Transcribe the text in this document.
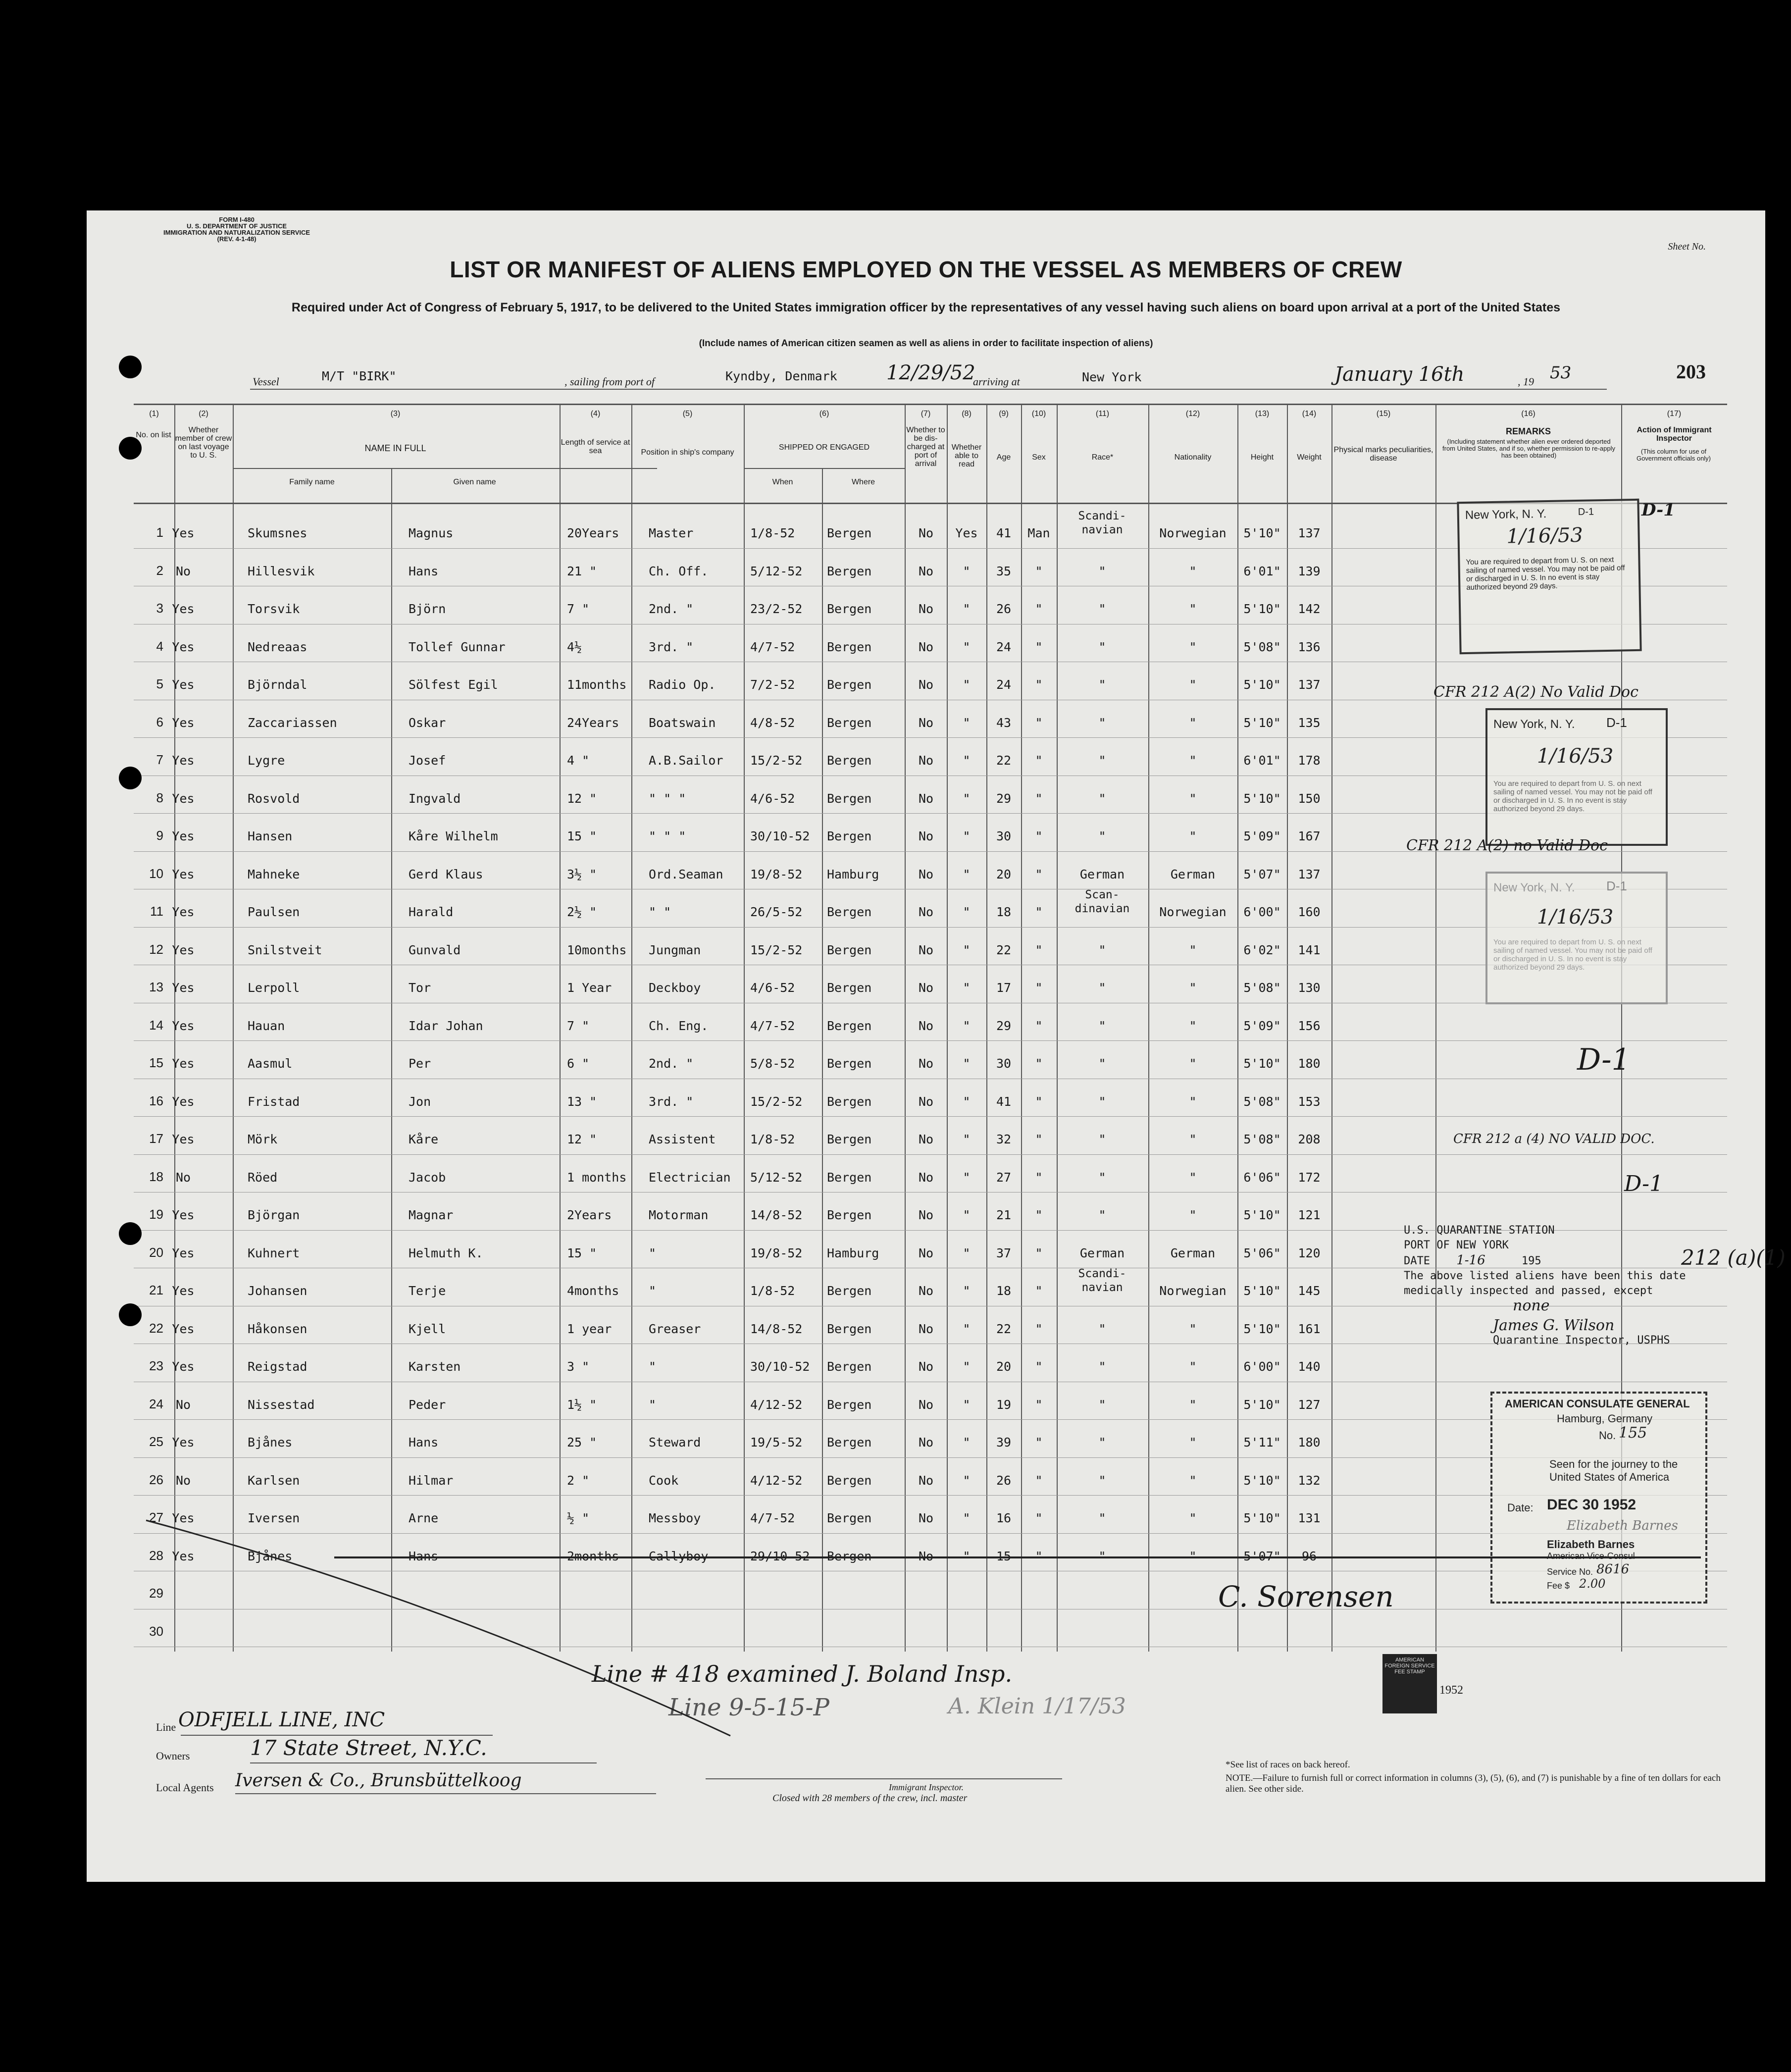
FORM I-480
U. S. DEPARTMENT OF JUSTICE
IMMIGRATION AND NATURALIZATION SERVICE
(REV. 4-1-48)
Sheet No.
LIST OR MANIFEST OF ALIENS EMPLOYED ON THE VESSEL AS MEMBERS OF CREW
Required under Act of Congress of February 5, 1917, to be delivered to the United States immigration officer by the representatives of any vessel having such aliens on board upon arrival at a port of the United States
(Include names of American citizen seamen as well as aliens in order to facilitate inspection of aliens)
Vessel	M/T "BIRK"	, sailing from port of	Kyndby, Denmark 12/29/52
arriving at	New York	January 16th	, 19 53	203
(1)	(2)	(3)	(4)	(5)	(6)	(7)	(8)	(9)	(10)	(11)	(12)	(13)	(14)	(15)	(16)	(17)
No. on list
Whether member of crew on last voyage to U. S.
NAME IN FULL
Family name	Given name
Length of service at sea	Position in ship's company
SHIPPED OR ENGAGED
When	Where
Whether to be dis-charged at port of arrival
Whether able to read
Age	Sex	Race*	Nationality	Height	Weight
Physical marks peculiarities, disease
REMARKS
(Including statement whether alien ever ordered deported from United States, and if so, whether permission to re-apply has been obtained)
Action of Immigrant Inspector
(This column for use of Government officials only)
1 Yes	Skumsnes	Magnus	20Years Master	1/8-52	Bergen	No	Yes	41	Man
Scandi-navian	Norwegian	5'10"	137
2 No	Hillesvik	Hans	21 "	Ch. Off.	5/12-52 Bergen	No	"	35	"	"	"	6'01"	139
3 Yes	Torsvik	Björn	7 "	2nd. "	23/2-52 Bergen	No	"	26	"	"	"	5'10"	142
4 Yes	Nedreaas	Tollef Gunnar	4½	3rd. "	4/7-52	Bergen	No	"	24	"	"	"	5'08"	136
5 Yes	Björndal	Sölfest Egil	11months Radio Op.	7/2-52	Bergen	No	"	24	"	"	"	5'10"	137
6 Yes	Zaccariassen	Oskar	24Years Boatswain	4/8-52	Bergen	No	"	43	"	"	"	5'10"	135
7 Yes	Lygre	Josef	4 "	A.B.Sailor 15/2-52 Bergen	No	"	22	"	"	"	6'01"	178
8 Yes	Rosvold	Ingvald	12 "	" " "	4/6-52	Bergen	No	"	29	"	"	"	5'10"	150
9 Yes	Hansen	Kåre Wilhelm	15 "	" " "	30/10-52 Bergen	No	"	30	"	"	"	5'09"	167
10 Yes	Mahneke	Gerd Klaus	3½ "	Ord.Seaman 19/8-52 Hamburg	No	"	20	"	German	German	5'07"	137
11 Yes	Paulsen	Harald	2½ "	" "	26/5-52 Bergen	No	"	18	"
Scan-dinavian	Norwegian	6'00"	160
12 Yes	Snilstveit	Gunvald	10months Jungman	15/2-52 Bergen	No	"	22	"	"	"	6'02"	141
13 Yes	Lerpoll	Tor	1 Year	Deckboy	4/6-52	Bergen	No	"	17	"	"	"	5'08"	130
14 Yes	Hauan	Idar Johan	7 "	Ch. Eng.	4/7-52	Bergen	No	"	29	"	"	"	5'09"	156
15 Yes	Aasmul	Per	6 "	2nd. "	5/8-52	Bergen	No	"	30	"	"	"	5'10"	180
16 Yes	Fristad	Jon	13 "	3rd. "	15/2-52 Bergen	No	"	41	"	"	"	5'08"	153
17 Yes	Mörk	Kåre	12 "	Assistent	1/8-52	Bergen	No	"	32	"	"	"	5'08"	208
18 No	Röed	Jacob	1 months Electrician 5/12-52 Bergen	No	"	27	"	"	"	6'06"	172
19 Yes	Björgan	Magnar	2Years	Motorman	14/8-52 Bergen	No	"	21	"	"	"	5'10"	121
20 Yes	Kuhnert	Helmuth K.	15 "	"	19/8-52 Hamburg	No	"	37	"	German	German	5'06"	120
21 Yes	Johansen	Terje	4months "	1/8-52	Bergen	No	"	18	"
Scandi-navian	Norwegian	5'10"	145
22 Yes	Håkonsen	Kjell	1 year	Greaser	14/8-52 Bergen	No	"	22	"	"	"	5'10"	161
23 Yes	Reigstad	Karsten	3 "	"	30/10-52 Bergen	No	"	20	"	"	"	6'00"	140
24 No	Nissestad	Peder	1½ "	"	4/12-52 Bergen	No	"	19	"	"	"	5'10"	127
25 Yes	Bjånes	Hans	25 "	Steward	19/5-52 Bergen	No	"	39	"	"	"	5'11"	180
26 No	Karlsen	Hilmar	2 "	Cook	4/12-52 Bergen	No	"	26	"	"	"	5'10"	132
27 Yes	Iversen	Arne	½ "	Messboy	4/7-52	Bergen	No	"	16	"	"	"	5'10"	131
28 Yes	Bjånes	Hans	2months Callyboy	29/10-52 Bergen	No	"	15	"	"	"	5'07"	96
29
30
Closed with 28 members of the crew, incl. master
New York, N. Y.	D-1
1/16/53
You are required to depart from U. S. on next sailing of named vessel. You may not be paid off or discharged in U. S. In no event is stay authorized beyond 29 days.
D-1
CFR 212 A(2) No Valid Doc
New York, N. Y. D-1
1/16/53
You are required to depart from U. S. on next sailing of named vessel. You may not be paid off or discharged in U. S. In no event is stay authorized beyond 29 days.
CFR 212 A(2) no Valid Doc
New York, N. Y. D-1
1/16/53
You are required to depart from U. S. on next sailing of named vessel. You may not be paid off or discharged in U. S. In no event is stay authorized beyond 29 days.
D-1
CFR 212 a (4) NO VALID DOC.
D-1
U.S. QUARANTINE STATION
PORT OF NEW YORK
DATE 1-16	195
The above listed aliens have been this date medically inspected and passed, except
none
James G. Wilson
Quarantine Inspector, USPHS
212 (a)(1)
AMERICAN CONSULATE GENERAL
Hamburg, Germany
No. 155
Seen for the journey to the United States of America
Date: DEC 30 1952
Elizabeth Barnes
Elizabeth Barnes
American Vice-Consul
Service No. 8616
Fee $ 2.00
AMERICAN FOREIGN SERVICE FEE STAMP
1952
C. Sorensen
Line # 418 examined J. Boland Insp.
Line 9-5-15-P	A. Klein 1/17/53
Line ODFJELL LINE, INC
Owners	17 State Street, N.Y.C.
Local Agents Iversen & Co., Brunsbüttelkoog	Immigrant Inspector.
*See list of races on back hereof.
NOTE.—Failure to furnish full or correct information in columns (3), (5), (6), and (7) is punishable by a fine of ten dollars for each alien. See other side.
